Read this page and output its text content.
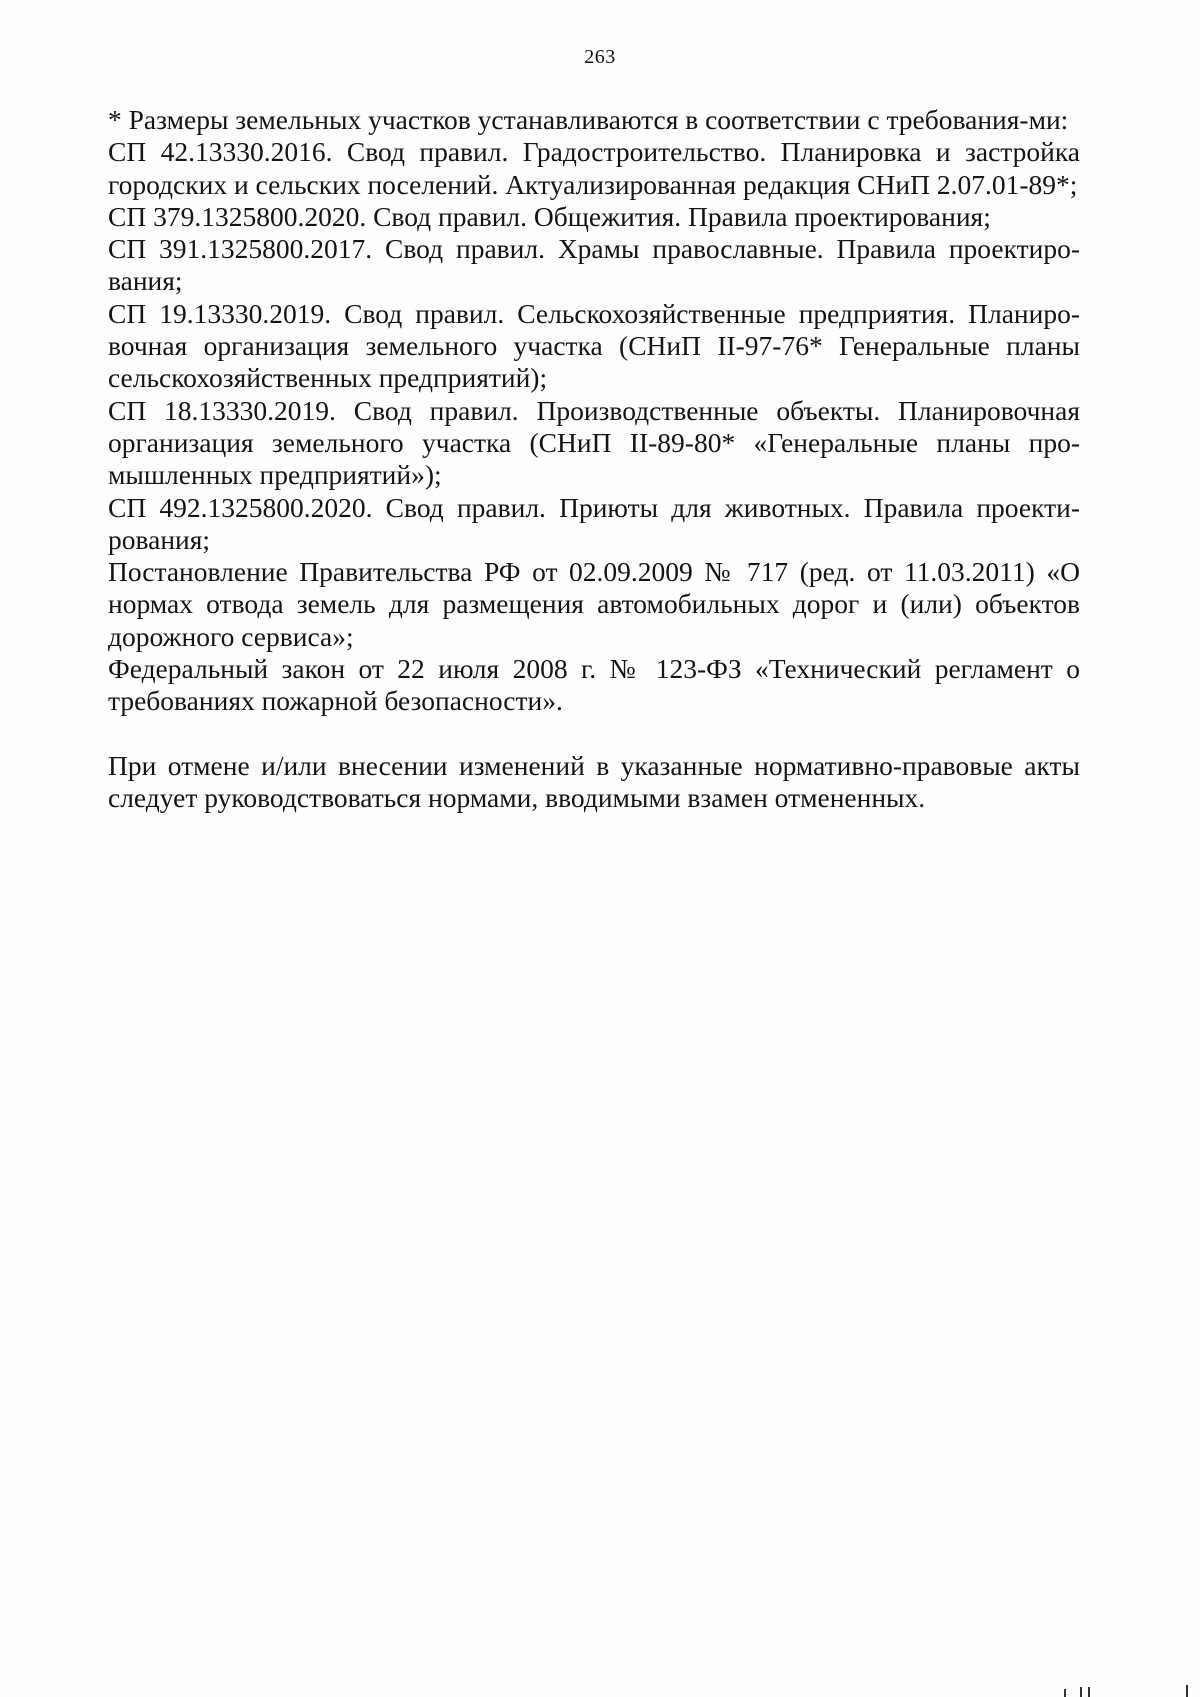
263

* Размеры земельных участков устанавливаются в соответствии с требования-ми:

СП 42.13330.2016. Свод правил. Градостроительство. Планировка и застройка городских и сельских поселений. Актуализированная редакция СНиП 2.07.01-89*;

СП 379.1325800.2020. Свод правил. Общежития. Правила проектирования;

СП 391.1325800.2017. Свод правил. Храмы православные. Правила проектиро-вания;

СП 19.13330.2019. Свод правил. Сельскохозяйственные предприятия. Планиро-вочная организация земельного участка (СНиП II-97-76* Генеральные планы сельскохозяйственных предприятий);

СП 18.13330.2019. Свод правил. Производственные объекты. Планировочная организация земельного участка (СНиП II-89-80* «Генеральные планы про-мышленных предприятий»);

СП 492.1325800.2020. Свод правил. Приюты для животных. Правила проекти-рования;

Постановление Правительства РФ от 02.09.2009 № 717 (ред. от 11.03.2011) «О нормах отвода земель для размещения автомобильных дорог и (или) объектов дорожного сервиса»;

Федеральный закон от 22 июля 2008 г. № 123-ФЗ «Технический регламент о требованиях пожарной безопасности».

При отмене и/или внесении изменений в указанные нормативно-правовые акты следует руководствоваться нормами, вводимыми взамен отмененных.
